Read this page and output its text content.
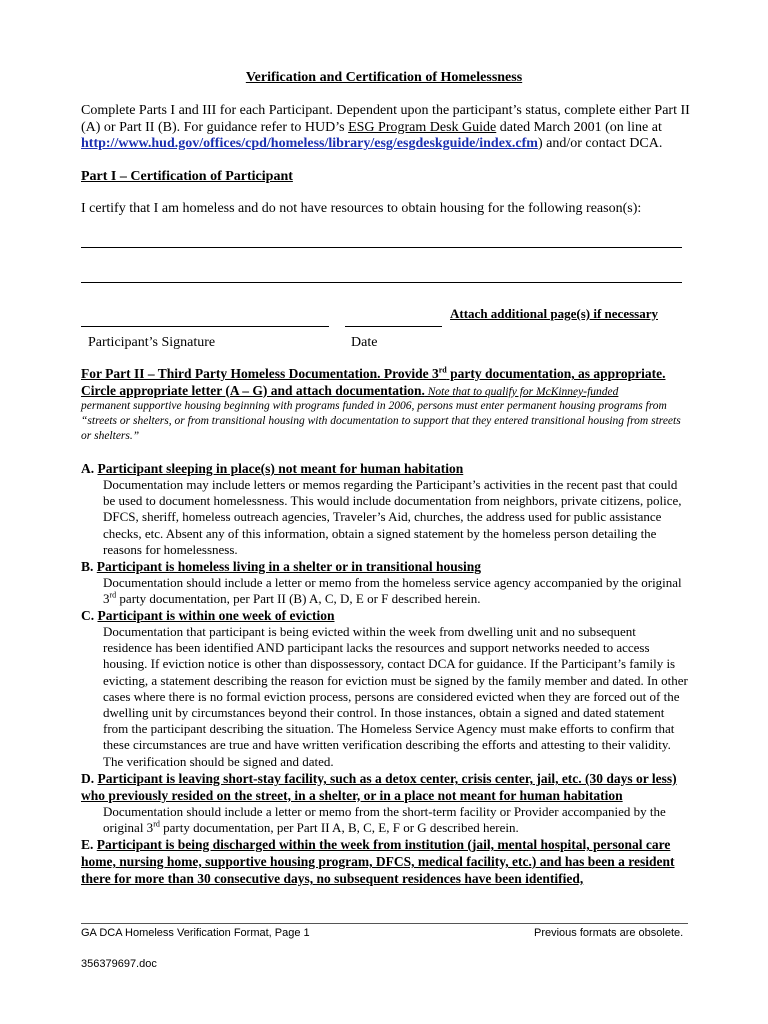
Verification and Certification of Homelessness
Complete Parts I and III for each Participant. Dependent upon the participant’s status, complete either Part II (A) or Part II (B). For guidance refer to HUD’s ESG Program Desk Guide dated March 2001 (on line at http://www.hud.gov/offices/cpd/homeless/library/esg/esgdeskguide/index.cfm) and/or contact DCA.
Part I – Certification of Participant
I certify that I am homeless and do not have resources to obtain housing for the following reason(s):
Attach additional page(s) if necessary
Participant’s Signature	Date
For Part II – Third Party Homeless Documentation. Provide 3rd party documentation, as appropriate. Circle appropriate letter (A – G) and attach documentation. Note that to qualify for McKinney-funded
permanent supportive housing beginning with programs funded in 2006, persons must enter permanent housing programs from “streets or shelters, or from transitional housing with documentation to support that they entered transitional housing from streets or shelters.”
A. Participant sleeping in place(s) not meant for human habitation
Documentation may include letters or memos regarding the Participant’s activities in the recent past that could be used to document homelessness. This would include documentation from neighbors, private citizens, police, DFCS, sheriff, homeless outreach agencies, Traveler’s Aid, churches, the address used for public assistance checks, etc. Absent any of this information, obtain a signed statement by the homeless person detailing the reasons for homelessness.
B. Participant is homeless living in a shelter or in transitional housing
Documentation should include a letter or memo from the homeless service agency accompanied by the original 3rd party documentation, per Part II (B) A, C, D, E or F described herein.
C. Participant is within one week of eviction
Documentation that participant is being evicted within the week from dwelling unit and no subsequent residence has been identified AND participant lacks the resources and support networks needed to access housing. If eviction notice is other than dispossessory, contact DCA for guidance. If the Participant’s family is evicting, a statement describing the reason for eviction must be signed by the family member and dated. In other cases where there is no formal eviction process, persons are considered evicted when they are forced out of the dwelling unit by circumstances beyond their control. In those instances, obtain a signed and dated statement from the participant describing the situation. The Homeless Service Agency must make efforts to confirm that these circumstances are true and have written verification describing the efforts and attesting to their validity. The verification should be signed and dated.
D. Participant is leaving short-stay facility, such as a detox center, crisis center, jail, etc. (30 days or less) who previously resided on the street, in a shelter, or in a place not meant for human habitation
Documentation should include a letter or memo from the short-term facility or Provider accompanied by the original 3rd party documentation, per Part II A, B, C, E, F or G described herein.
E. Participant is being discharged within the week from institution (jail, mental hospital, personal care home, nursing home, supportive housing program, DFCS, medical facility, etc.) and has been a resident there for more than 30 consecutive days, no subsequent residences have been identified,
GA DCA Homeless Verification Format, Page 1	Previous formats are obsolete.
356379697.doc
